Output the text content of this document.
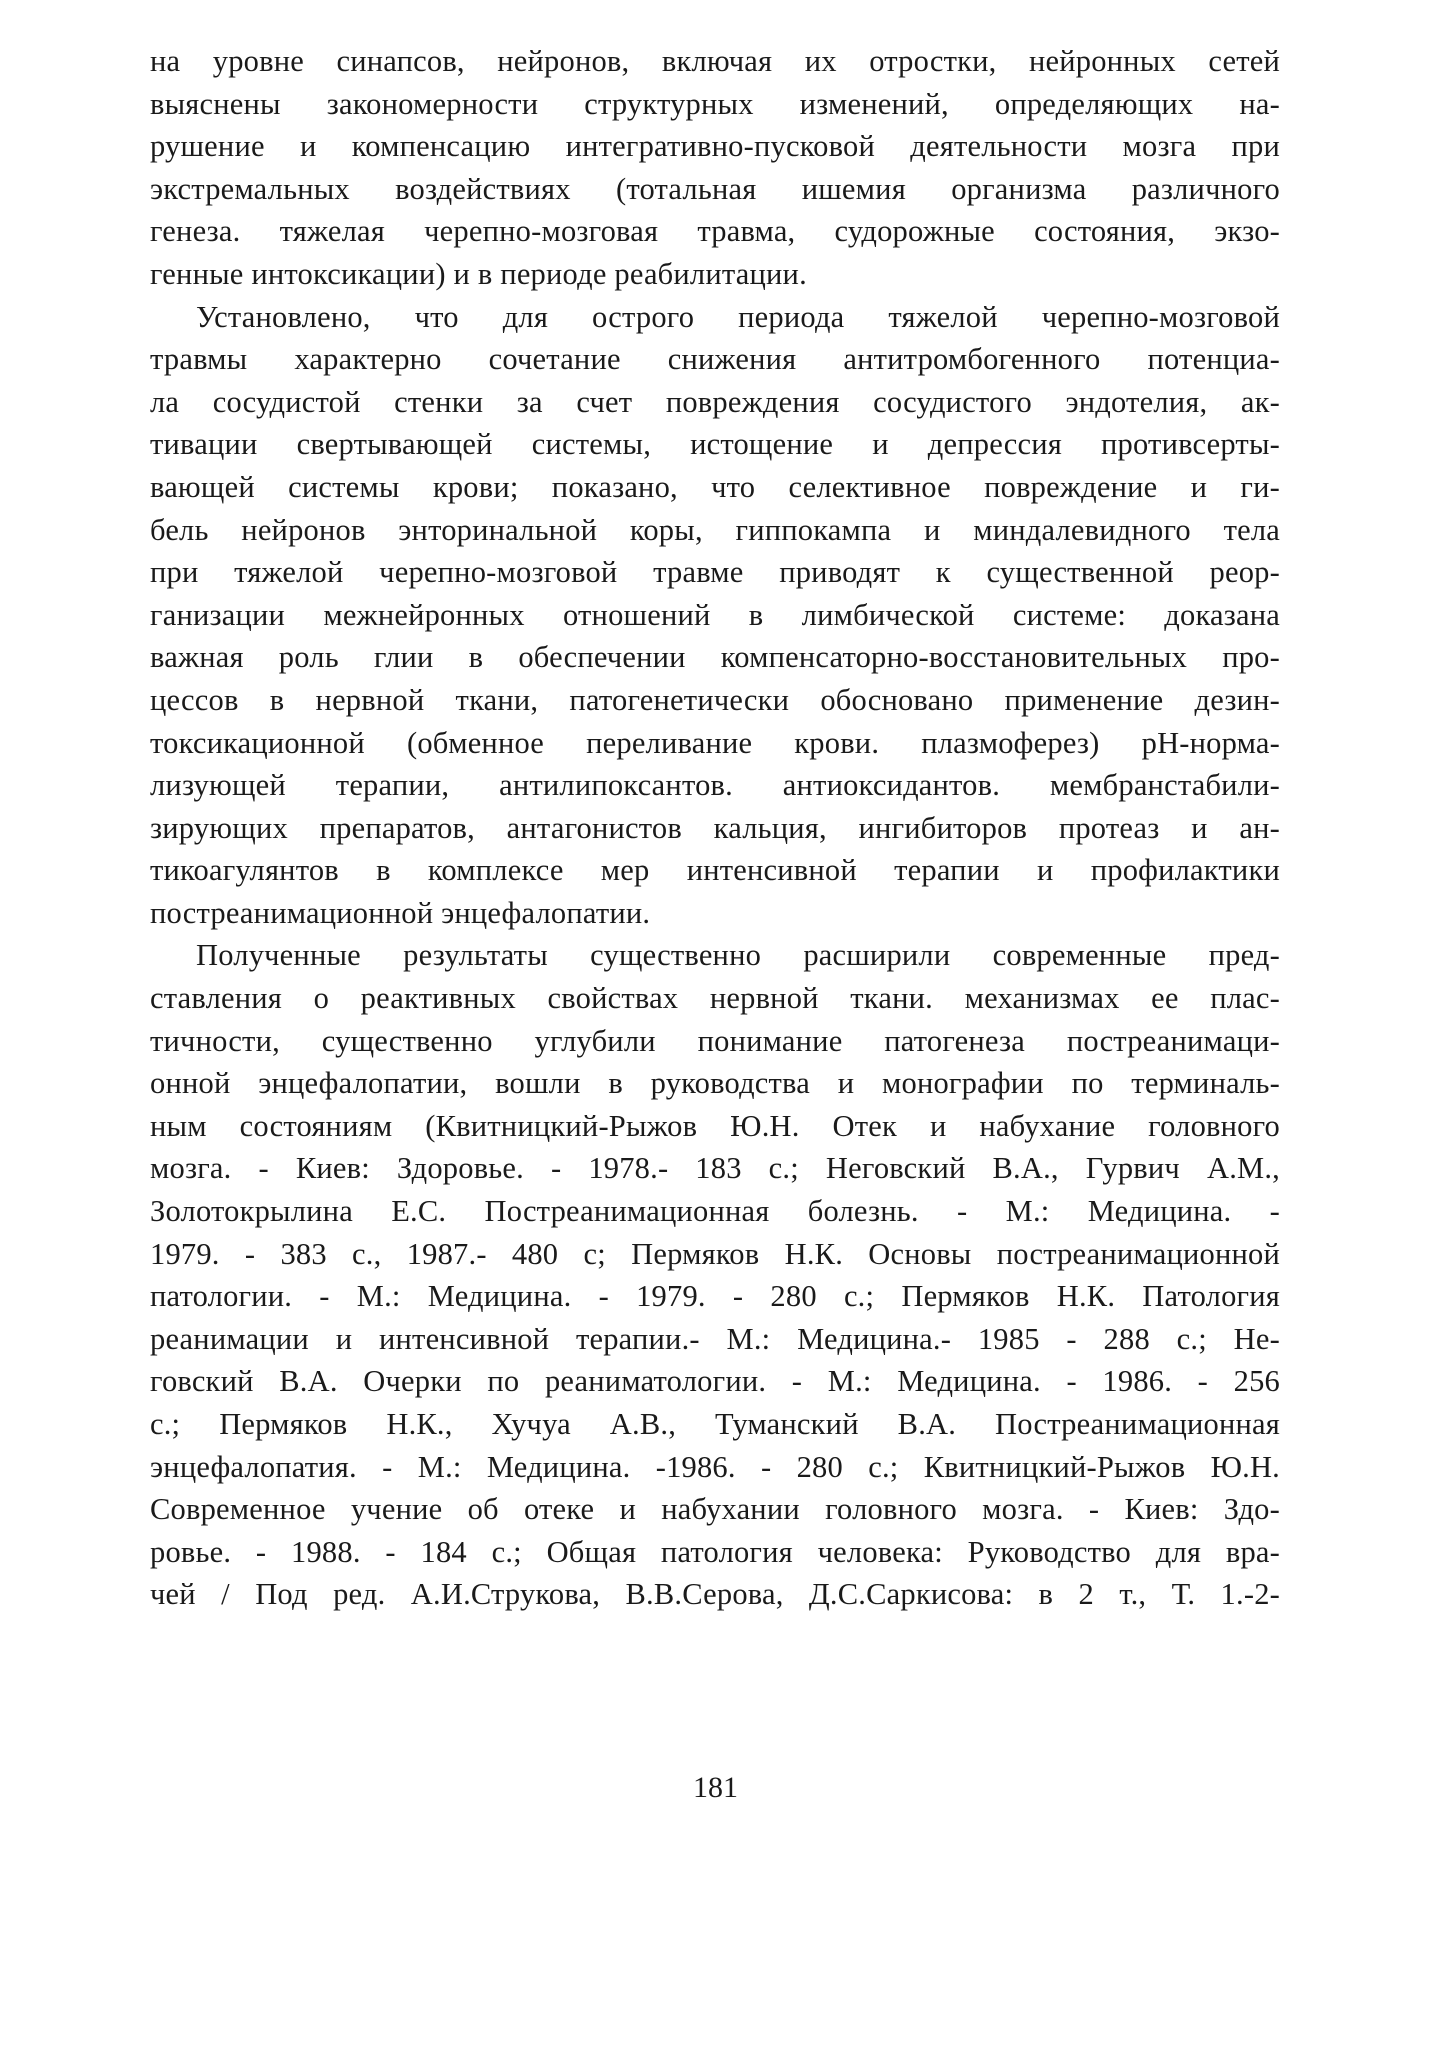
на уровне синапсов, нейронов, включая их отростки, нейронных сетей
выяснены закономерности структурных изменений, определяющих на-
рушение и компенсацию интегративно-пусковой деятельности мозга при
экстремальных воздействиях (тотальная ишемия организма различного
генеза. тяжелая черепно-мозговая травма, судорожные состояния, экзо-
генные интоксикации) и в периоде реабилитации.
Установлено, что для острого периода тяжелой черепно-мозговой
травмы характерно сочетание снижения антитромбогенного потенциа-
ла сосудистой стенки за счет повреждения сосудистого эндотелия, ак-
тивации свертывающей системы, истощение и депрессия противсерты-
вающей системы крови; показано, что селективное повреждение и ги-
бель нейронов энторинальной коры, гиппокампа и миндалевидного тела
при тяжелой черепно-мозговой травме приводят к существенной реор-
ганизации межнейронных отношений в лимбической системе: доказана
важная роль глии в обеспечении компенсаторно-восстановительных про-
цессов в нервной ткани, патогенетически обосновано применение дезин-
токсикационной (обменное переливание крови. плазмоферез) рН-норма-
лизующей терапии, антилипоксантов. антиоксидантов. мембранстабили-
зирующих препаратов, антагонистов кальция, ингибиторов протеаз и ан-
тикоагулянтов в комплексе мер интенсивной терапии и профилактики
постреанимационной энцефалопатии.
Полученные результаты существенно расширили современные пред-
ставления о реактивных свойствах нервной ткани. механизмах ее плас-
тичности, существенно углубили понимание патогенеза постреанимаци-
онной энцефалопатии, вошли в руководства и монографии по терминаль-
ным состояниям (Квитницкий-Рыжов Ю.Н. Отек и набухание головного
мозга. - Киев: Здоровье. - 1978.- 183 с.; Неговский В.А., Гурвич А.М.,
Золотокрылина Е.С. Постреанимационная болезнь. - М.: Медицина. -
1979. - 383 с., 1987.- 480 с; Пермяков Н.К. Основы постреанимационной
патологии. - М.: Медицина. - 1979. - 280 с.; Пермяков Н.К. Патология
реанимации и интенсивной терапии.- М.: Медицина.- 1985 - 288 с.; Не-
говский В.А. Очерки по реаниматологии. - М.: Медицина. - 1986. - 256
с.; Пермяков Н.К., Хучуа А.В., Туманский В.А. Постреанимационная
энцефалопатия. - М.: Медицина. -1986. - 280 с.; Квитницкий-Рыжов Ю.Н.
Современное учение об отеке и набухании головного мозга. - Киев: Здо-
ровье. - 1988. - 184 с.; Общая патология человека: Руководство для вра-
чей / Под ред. А.И.Струкова, В.В.Серова, Д.С.Саркисова: в 2 т., Т. 1.-2-
181
